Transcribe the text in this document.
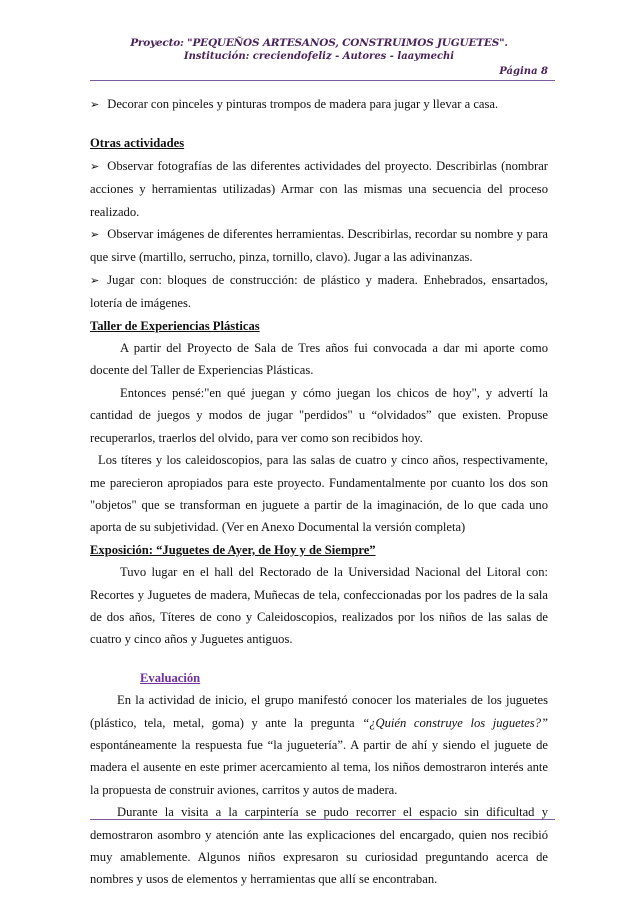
Proyecto: "PEQUEÑOS ARTESANOS, CONSTRUIMOS JUGUETES".
Institución: creciendofeliz - Autores - laaymechi
Página 8

➢ Decorar con pinceles y pinturas trompos de madera para jugar y llevar a casa.

Otras actividades

➢ Observar fotografías de las diferentes actividades del proyecto. Describirlas (nombrar acciones y herramientas utilizadas) Armar con las mismas una secuencia del proceso realizado.

➢ Observar imágenes de diferentes herramientas. Describirlas, recordar su nombre y para que sirve (martillo, serrucho, pinza, tornillo, clavo). Jugar a las adivinanzas.

➢ Jugar con: bloques de construcción: de plástico y madera. Enhebrados, ensartados, lotería de imágenes.

Taller de Experiencias Plásticas

A partir del Proyecto de Sala de Tres años fui convocada a dar mi aporte como docente del Taller de Experiencias Plásticas.

Entonces pensé:"en qué juegan y cómo juegan los chicos de hoy", y advertí la cantidad de juegos y modos de jugar "perdidos" u “olvidados” que existen. Propuse recuperarlos, traerlos del olvido, para ver como son recibidos hoy.

Los títeres y los caleidoscopios, para las salas de cuatro y cinco años, respectivamente, me parecieron apropiados para este proyecto. Fundamentalmente por cuanto los dos son "objetos" que se transforman en juguete a partir de la imaginación, de lo que cada uno aporta de su subjetividad. (Ver en Anexo Documental la versión completa)

Exposición: “Juguetes de Ayer, de Hoy y de Siempre”

Tuvo lugar en el hall del Rectorado de la Universidad Nacional del Litoral con: Recortes y Juguetes de madera, Muñecas de tela, confeccionadas por los padres de la sala de dos años, Títeres de cono y Caleidoscopios, realizados por los niños de las salas de cuatro y cinco años y Juguetes antiguos.

Evaluación

En la actividad de inicio, el grupo manifestó conocer los materiales de los juguetes (plástico, tela, metal, goma) y ante la pregunta “¿Quién construye los juguetes?” espontáneamente la respuesta fue “la juguetería”. A partir de ahí y siendo el juguete de madera el ausente en este primer acercamiento al tema, los niños demostraron interés ante la propuesta de construir aviones, carritos y autos de madera.

Durante la visita a la carpintería se pudo recorrer el espacio sin dificultad y demostraron asombro y atención ante las explicaciones del encargado, quien nos recibió muy amablemente. Algunos niños expresaron su curiosidad preguntando acerca de nombres y usos de elementos y herramientas que allí se encontraban.
